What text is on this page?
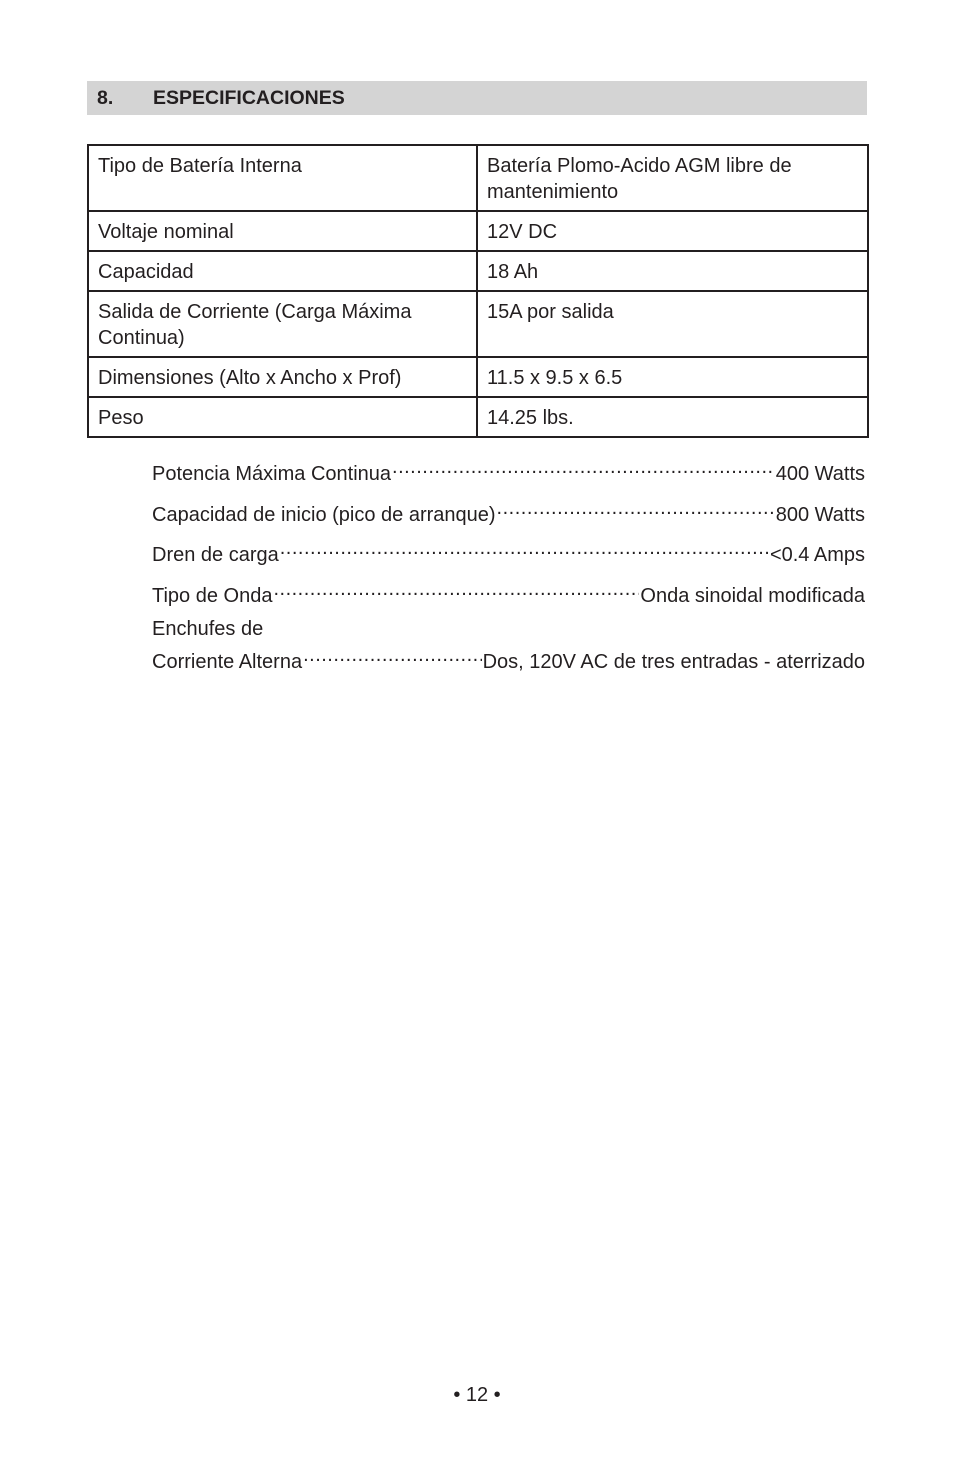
8. ESPECIFICACIONES
Tipo de Batería Interna	Batería Plomo-Acido AGM libre de mantenimiento
Voltaje nominal	12V DC
Capacidad	18 Ah
Salida de Corriente (Carga Máxima Continua)	15A por salida
Dimensiones (Alto x Ancho x Prof)	11.5 x 9.5 x 6.5
Peso	14.25 lbs.
Potencia Máxima Continua .....	400 Watts
Capacidad de inicio (pico de arranque) .....	800 Watts
Dren de carga .....	<0.4 Amps
Tipo de Onda .....	Onda sinoidal modificada
Enchufes de
Corriente Alterna .....	Dos, 120V AC de tres entradas - aterrizado
• 12 •
